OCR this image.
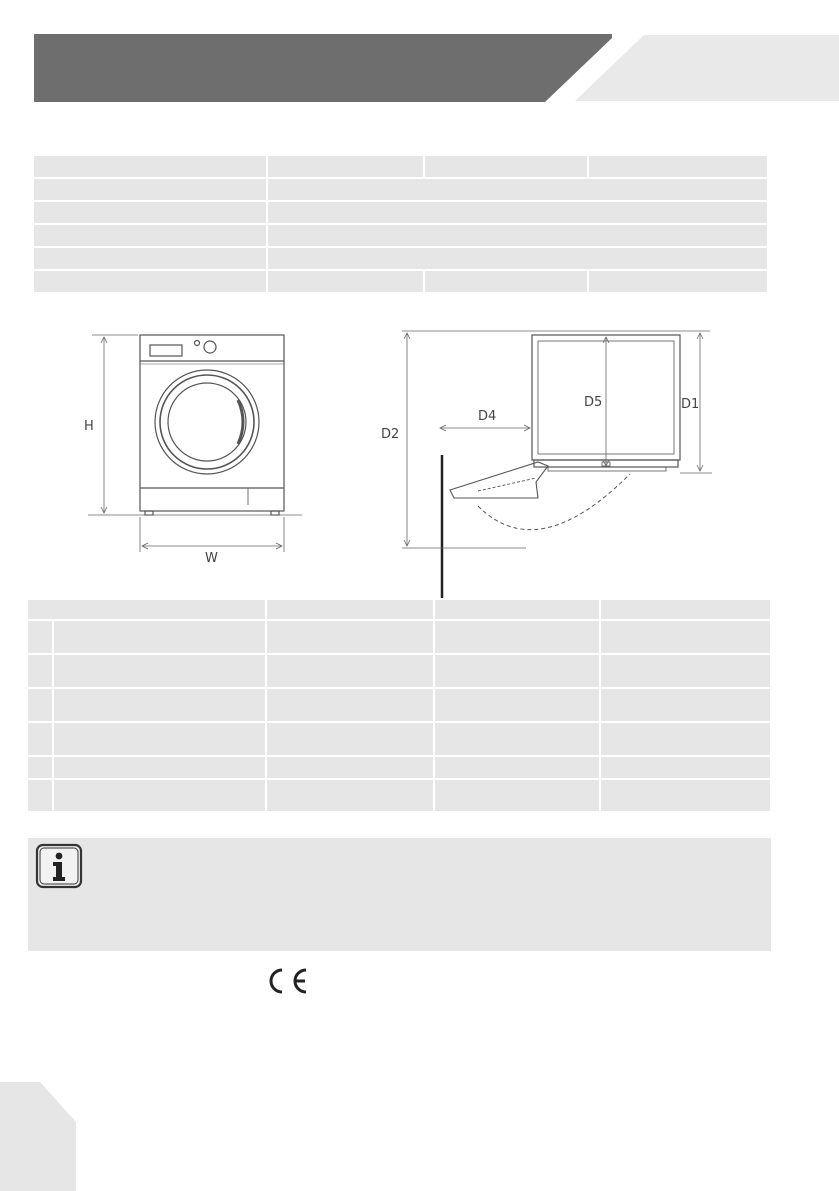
H
W
D2
D1
D5
D4
